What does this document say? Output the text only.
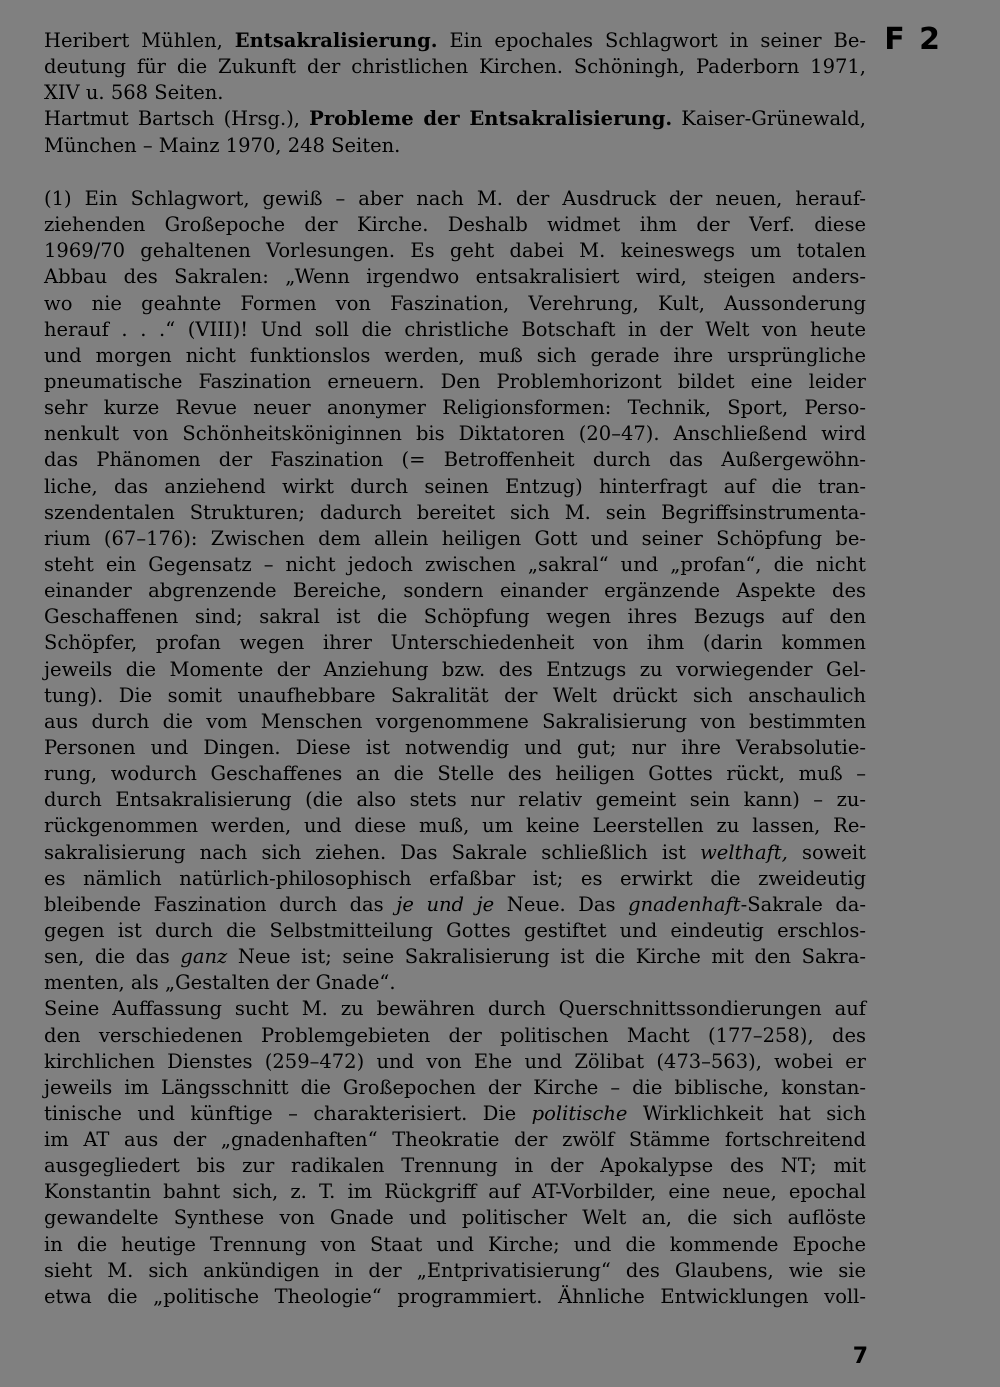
F 2
Heribert Mühlen, Entsakralisierung. Ein epochales Schlagwort in seiner Be-
deutung für die Zukunft der christlichen Kirchen. Schöningh, Paderborn 1971,
XIV u. 568 Seiten.
Hartmut Bartsch (Hrsg.), Probleme der Entsakralisierung. Kaiser-Grünewald,
München – Mainz 1970, 248 Seiten.
(1) Ein Schlagwort, gewiß – aber nach M. der Ausdruck der neuen, herauf-
ziehenden Großepoche der Kirche. Deshalb widmet ihm der Verf. diese
1969/70 gehaltenen Vorlesungen. Es geht dabei M. keineswegs um totalen
Abbau des Sakralen: „Wenn irgendwo entsakralisiert wird, steigen anders-
wo nie geahnte Formen von Faszination, Verehrung, Kult, Aussonderung
herauf . . .“ (VIII)! Und soll die christliche Botschaft in der Welt von heute
und morgen nicht funktionslos werden, muß sich gerade ihre ursprüngliche
pneumatische Faszination erneuern. Den Problemhorizont bildet eine leider
sehr kurze Revue neuer anonymer Religionsformen: Technik, Sport, Perso-
nenkult von Schönheitsköniginnen bis Diktatoren (20–47). Anschließend wird
das Phänomen der Faszination (= Betroffenheit durch das Außergewöhn-
liche, das anziehend wirkt durch seinen Entzug) hinterfragt auf die tran-
szendentalen Strukturen; dadurch bereitet sich M. sein Begriffsinstrumenta-
rium (67–176): Zwischen dem allein heiligen Gott und seiner Schöpfung be-
steht ein Gegensatz – nicht jedoch zwischen „sakral“ und „profan“, die nicht
einander abgrenzende Bereiche, sondern einander ergänzende Aspekte des
Geschaffenen sind; sakral ist die Schöpfung wegen ihres Bezugs auf den
Schöpfer, profan wegen ihrer Unterschiedenheit von ihm (darin kommen
jeweils die Momente der Anziehung bzw. des Entzugs zu vorwiegender Gel-
tung). Die somit unaufhebbare Sakralität der Welt drückt sich anschaulich
aus durch die vom Menschen vorgenommene Sakralisierung von bestimmten
Personen und Dingen. Diese ist notwendig und gut; nur ihre Verabsolutie-
rung, wodurch Geschaffenes an die Stelle des heiligen Gottes rückt, muß –
durch Entsakralisierung (die also stets nur relativ gemeint sein kann) – zu-
rückgenommen werden, und diese muß, um keine Leerstellen zu lassen, Re-
sakralisierung nach sich ziehen. Das Sakrale schließlich ist welthaft, soweit
es nämlich natürlich-philosophisch erfaßbar ist; es erwirkt die zweideutig
bleibende Faszination durch das je und je Neue. Das gnadenhaft-Sakrale da-
gegen ist durch die Selbstmitteilung Gottes gestiftet und eindeutig erschlos-
sen, die das ganz Neue ist; seine Sakralisierung ist die Kirche mit den Sakra-
menten, als „Gestalten der Gnade“.
Seine Auffassung sucht M. zu bewähren durch Querschnittssondierungen auf
den verschiedenen Problemgebieten der politischen Macht (177–258), des
kirchlichen Dienstes (259–472) und von Ehe und Zölibat (473–563), wobei er
jeweils im Längsschnitt die Großepochen der Kirche – die biblische, konstan-
tinische und künftige – charakterisiert. Die politische Wirklichkeit hat sich
im AT aus der „gnadenhaften“ Theokratie der zwölf Stämme fortschreitend
ausgegliedert bis zur radikalen Trennung in der Apokalypse des NT; mit
Konstantin bahnt sich, z. T. im Rückgriff auf AT-Vorbilder, eine neue, epochal
gewandelte Synthese von Gnade und politischer Welt an, die sich auflöste
in die heutige Trennung von Staat und Kirche; und die kommende Epoche
sieht M. sich ankündigen in der „Entprivatisierung“ des Glaubens, wie sie
etwa die „politische Theologie“ programmiert. Ähnliche Entwicklungen voll-
7
